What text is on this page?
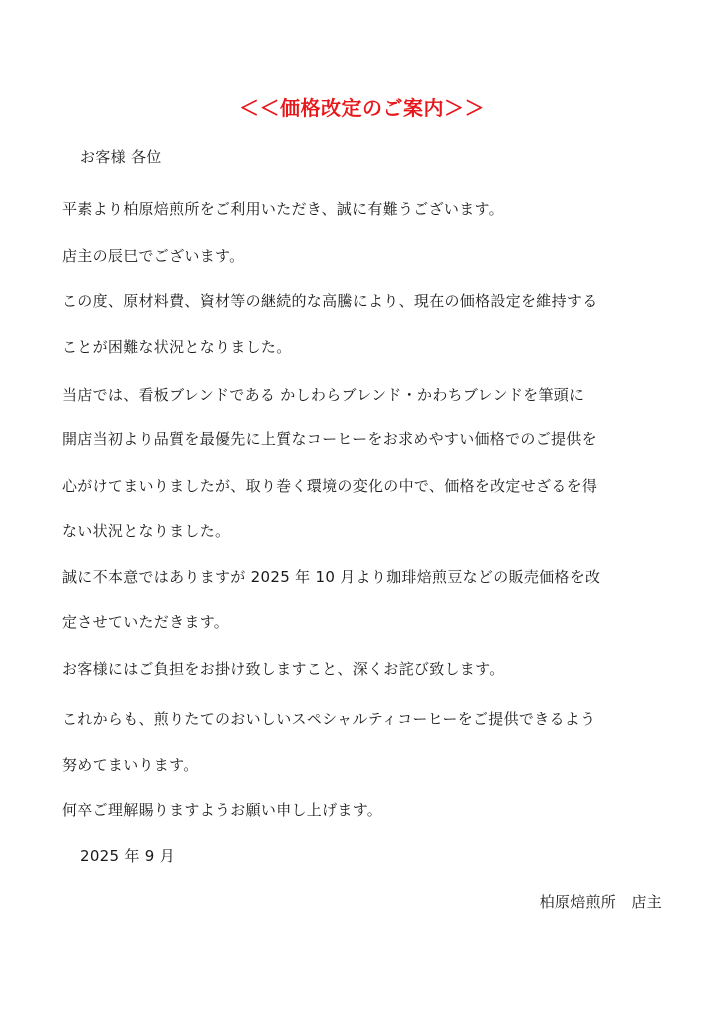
＜＜価格改定のご案内＞＞
お客様 各位
平素より柏原焙煎所をご利用いただき、誠に有難うございます。
店主の辰巳でございます。
この度、原材料費、資材等の継続的な高騰により、現在の価格設定を維持する
ことが困難な状況となりました。
当店では、看板ブレンドである かしわらブレンド・かわちブレンドを筆頭に
開店当初より品質を最優先に上質なコーヒーをお求めやすい価格でのご提供を
心がけてまいりましたが、取り巻く環境の変化の中で、価格を改定せざるを得
ない状況となりました。
誠に不本意ではありますが 2025 年 10 月より珈琲焙煎豆などの販売価格を改
定させていただきます。
お客様にはご負担をお掛け致しますこと、深くお詫び致します。
これからも、煎りたてのおいしいスペシャルティコーヒーをご提供できるよう
努めてまいります。
何卒ご理解賜りますようお願い申し上げます。
2025 年 9 月
柏原焙煎所　店主
